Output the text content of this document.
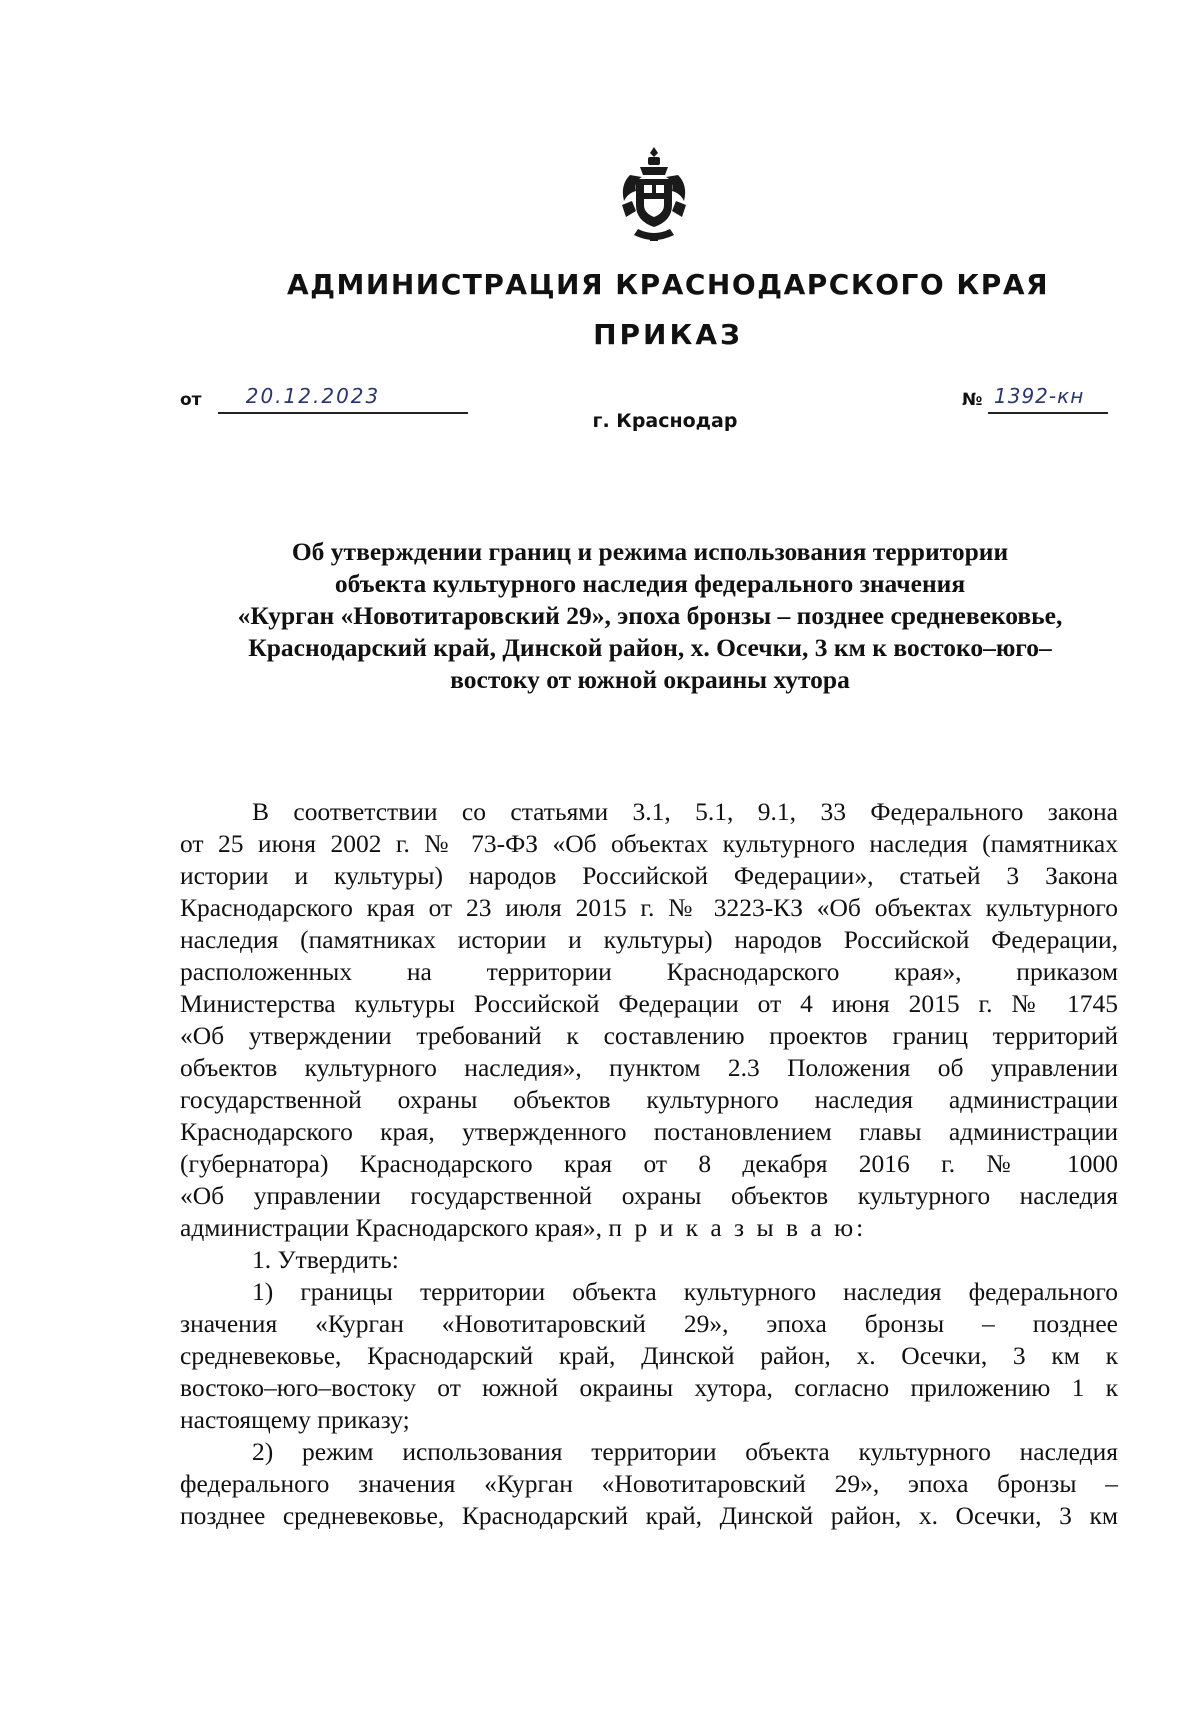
АДМИНИСТРАЦИЯ КРАСНОДАРСКОГО КРАЯ
ПРИКАЗ
от	20.12.2023	№ 1392-кн
г. Краснодар
Об утверждении границ и режима использования территории
объекта культурного наследия федерального значения
«Курган «Новотитаровский 29», эпоха бронзы – позднее средневековье,
Краснодарский край, Динской район, х. Осечки, 3 км к востоко–юго–
востоку от южной окраины хутора
В соответствии со статьями 3.1, 5.1, 9.1, 33 Федерального закона
от 25 июня 2002 г. № 73-ФЗ «Об объектах культурного наследия (памятниках
истории и культуры) народов Российской Федерации», статьей 3 Закона
Краснодарского края от 23 июля 2015 г. № 3223-КЗ «Об объектах культурного
наследия (памятниках истории и культуры) народов Российской Федерации,
расположенных на территории Краснодарского края», приказом
Министерства культуры Российской Федерации от 4 июня 2015 г. № 1745
«Об утверждении требований к составлению проектов границ территорий
объектов культурного наследия», пунктом 2.3 Положения об управлении
государственной охраны объектов культурного наследия администрации
Краснодарского края, утвержденного постановлением главы администрации
(губернатора) Краснодарского края от 8 декабря 2016 г. № 1000
«Об управлении государственной охраны объектов культурного наследия
администрации Краснодарского края», п р и к а з ы в а ю:
1. Утвердить:
1) границы территории объекта культурного наследия федерального
значения «Курган «Новотитаровский 29», эпоха бронзы – позднее
средневековье, Краснодарский край, Динской район, х. Осечки, 3 км к
востоко–юго–востоку от южной окраины хутора, согласно приложению 1 к
настоящему приказу;
2) режим использования территории объекта культурного наследия
федерального значения «Курган «Новотитаровский 29», эпоха бронзы –
позднее средневековье, Краснодарский край, Динской район, х. Осечки, 3 км
